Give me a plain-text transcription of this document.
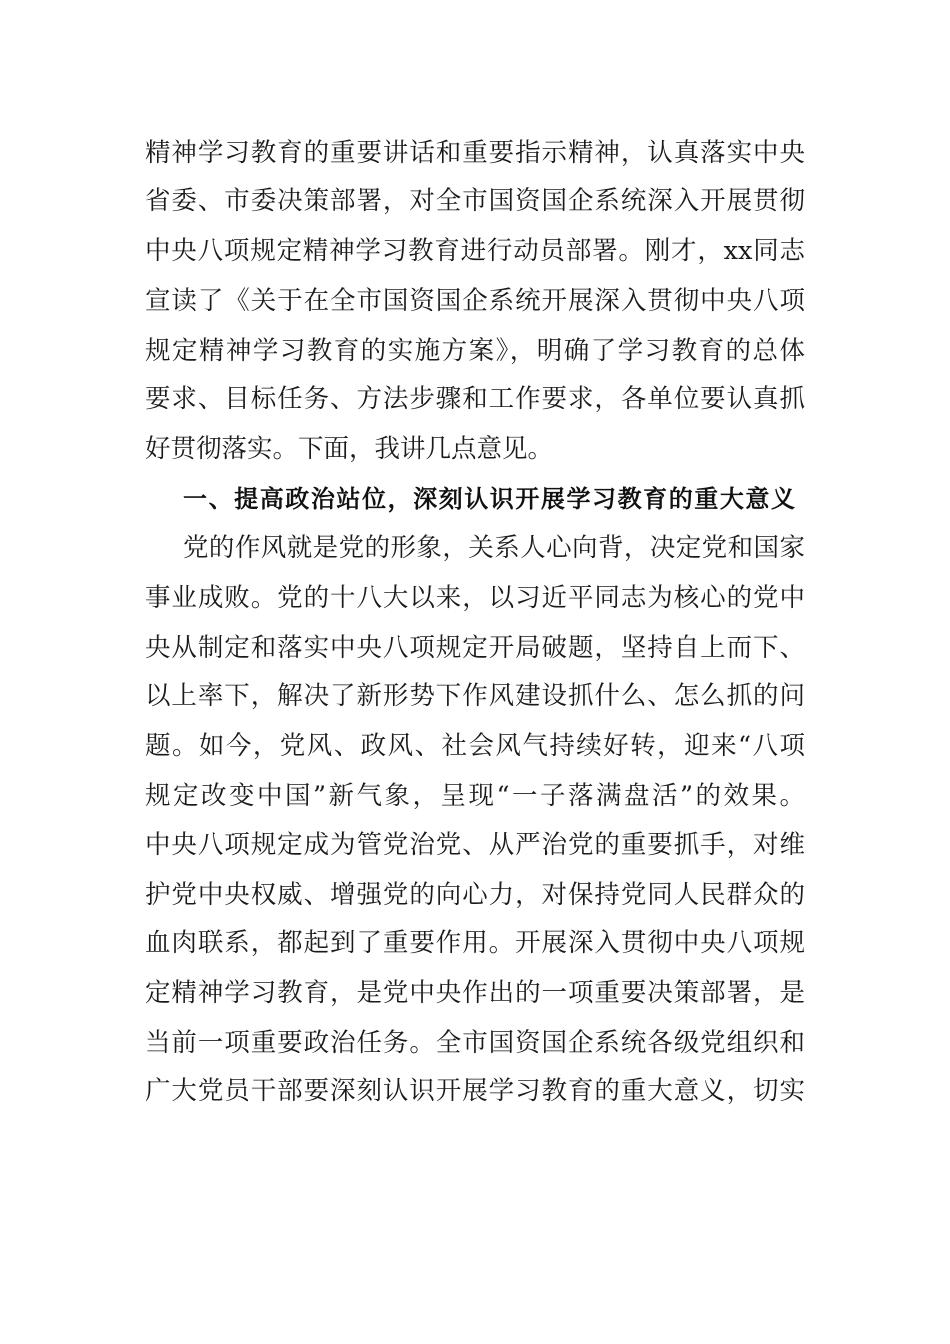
精神学习教育的重要讲话和重要指示精神，认真落实中央
省委、市委决策部署，对全市国资国企系统深入开展贯彻
中央八项规定精神学习教育进行动员部署。刚才，xx同志
宣读了《关于在全市国资国企系统开展深入贯彻中央八项
规定精神学习教育的实施方案》，明确了学习教育的总体
要求、目标任务、方法步骤和工作要求，各单位要认真抓
好贯彻落实。下面，我讲几点意见。
一、提高政治站位，深刻认识开展学习教育的重大意义
党的作风就是党的形象，关系人心向背，决定党和国家
事业成败。党的十八大以来，以习近平同志为核心的党中
央从制定和落实中央八项规定开局破题，坚持自上而下、
以上率下，解决了新形势下作风建设抓什么、怎么抓的问
题。如今，党风、政风、社会风气持续好转，迎来“八项
规定改变中国”新气象，呈现“一子落满盘活”的效果。
中央八项规定成为管党治党、从严治党的重要抓手，对维
护党中央权威、增强党的向心力，对保持党同人民群众的
血肉联系，都起到了重要作用。开展深入贯彻中央八项规
定精神学习教育，是党中央作出的一项重要决策部署，是
当前一项重要政治任务。全市国资国企系统各级党组织和
广大党员干部要深刻认识开展学习教育的重大意义，切实
